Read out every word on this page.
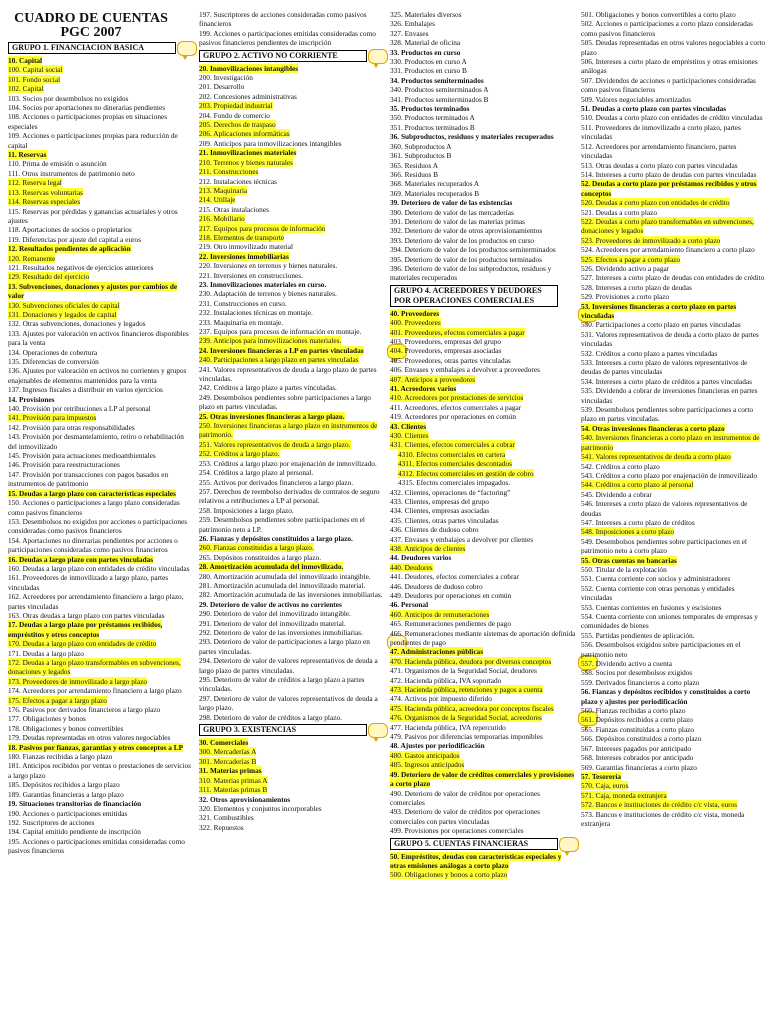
CUADRO DE CUENTAS
PGC 2007
GRUPO 1. FINANCIACION BASICA
10. Capital
100. Capital social
101. Fondo social
102. Capital
103. Socios por desembolsos no exigidos
104. Socios por aportaciones no dinerarias pendientes
108. Acciones o participaciones propias en situaciones especiales
109. Acciones o participaciones propias para reducción de capital
11. Reservas
110. Prima de emisión o asunción
111. Otros instrumentos de patrimonio neto
112. Reserva legal
113. Reservas voluntarias
114. Reservas especiales
115. Reservas por pérdidas y ganancias actuariales y otros ajustes
118. Aportaciones de socios o propietarios
119. Diferencias por ajuste del capital a euros
12. Resultados pendientes de aplicación
120. Remanente
121. Resultados negativos de ejercicios anteriores
129. Resultado del ejercicio
13. Subvenciones, donaciones y ajustes por cambios de valor
130. Subvenciones oficiales de capital
131. Donaciones y legados de capital
132. Otras subvenciones, donaciones y legados
133. Ajustes por valoración en activos financieros disponibles para la venta
134. Operaciones de cobertura
135. Diferencias de conversión
136. Ajustes por valoración en activos no corrientes y grupos enajenables de elementos mantenidos para la venta
137. Ingresos fiscales a distribuir en varios ejercicios
14. Provisiones
140. Provisión por retribuciones a LP al personal
141. Provisión para impuestos
142. Provisión para otras responsabilidades
143. Provisión por desmantelamiento, retiro o rehabilitación del inmovilizado
145. Provisión para actuaciones medioambientales
146. Provisión para reestructuraciones
147. Provisión por transacciones con pagos basados en instrumentos de patrimonio
15. Deudas a largo plazo con características especiales
150. Acciones o participaciones a largo plazo consideradas como pasivos financieros
153. Desembolsos no exigidos por acciones o participaciones consideradas como pasivos financieros
154. Aportaciones no dinerarias pendientes por acciones o participaciones consideradas como pasivos financieros
16. Deudas a largo plazo con partes vinculadas
160. Deudas a largo plazo con entidades de crédito vinculadas
161. Proveedores de inmovilizado a largo plazo, partes vinculadas
162. Acreedores por arrendamiento financiero a largo plazo, partes vinculadas
163. Otras deudas a largo plazo con partes vinculadas
17. Deudas a largo plazo por préstamos recibidos, empréstitos y otros conceptos
170. Deudas a largo plazo con entidades de crédito
171. Deudas a largo plazo
172. Deudas a largo plazo transformables en subvenciones, donaciones y legados
173. Proveedores de inmovilizado a largo plazo
174. Acreedores por arrendamiento financiero a largo plazo
175. Efectos a pagar a largo plazo
176. Pasivos por derivados financieros a largo plazo
177. Obligaciones y bonos
178. Obligaciones y bonos convertibles
179. Deudas representadas en otros valores negociables
18. Pasivos por fianzas, garantías y otros conceptos a LP
180. Fianzas recibidas a largo plazo
181. Anticipos recibidos por ventas o prestaciones de servicios a largo plazo
185. Depósitos recibidos a largo plazo
189. Garantías financieras a largo plazo
19. Situaciones transitorias de financiación
190. Acciones o participaciones emitidas
192. Suscriptores de acciones
194. Capital emitido pendiente de inscripción
195. Acciones o participaciones emitidas consideradas como pasivos financieros
197. Suscriptores de acciones consideradas como pasivos financieros
199. Acciones o participaciones emitidas consideradas como pasivos financieros pendientes de inscripción
GRUPO 2. ACTIVO NO CORRIENTE
20. Inmovilizaciones intangibles
200. Investigación
201. Desarrollo
202. Concesiones administrativas
203. Propiedad industrial
204. Fondo de comercio
205. Derechos de traspaso
206. Aplicaciones informáticas
209. Anticipos para inmovilizaciones intangibles
21. Inmovilizaciones materiales
210. Terrenos y bienes naturales
211. Construcciones
212. Instalaciones técnicas
213. Maquinaria
214. Utillaje
215. Otras instalaciones
216. Mobiliario
217. Equipos para procesos de información
218. Elementos de transporte
219. Otro inmovilizado material
22. Inversiones inmobiliarias
220. Inversiones en terrenos y bienes naturales.
221. Inversiones en construcciones.
23. Inmovilizaciones materiales en curso.
230. Adaptación de terrenos y bienes naturales.
231. Construcciones en curso.
232. Instalaciones técnicas en montaje.
233. Maquinaria en montaje.
237. Equipos para procesos de información en montaje.
239. Anticipos para inmovilizaciones materiales.
24. Inversiones financieras a LP en partes vinculadas
240. Participaciones a largo plazo en partes vinculadas
241. Valores representativos de deuda a largo plazo de partes vinculadas.
242. Créditos a largo plazo a partes vinculadas.
249. Desembolsos pendientes sobre participaciones a largo plazo en partes vinculadas.
25. Otras inversiones financieras a largo plazo.
250. Inversiones financieras a largo plazo en instrumentos de patrimonio.
251. Valores representativos de deuda a largo plazo.
252. Créditos a largo plazo.
253. Créditos a largo plazo por enajenación de inmovilizado.
254. Créditos a largo plazo al personal.
255. Activos por derivados financieros a largo plazo.
257. Derechos de reembolso derivados de contratos de seguro relativos a retribuciones a LP al personal.
258. Imposiciones a largo plazo.
259. Desembolsos pendientes sobre participaciones en el patrimonio neto a LP.
26. Fianzas y depósitos constituidos a largo plazo.
260. Fianzas constituidas a largo plazo.
265. Depósitos constituidos a largo plazo.
28. Amortización acumulada del inmovilizado.
280. Amortización acumulada del inmovilizado intangible.
281. Amortización acumulada del inmovilizado material.
282. Amortización acumulada de las inversiones inmobiliarias.
29. Deterioro de valor de activos no corrientes
290. Deterioro de valor del inmovilizado intangible.
291. Deterioro de valor del inmovilizado material.
292. Deterioro de valor de las inversiones inmobiliarias.
293. Deterioro de valor de participaciones a largo plazo en partes vinculadas.
294. Deterioro de valor de valores representativos de deuda a largo plazo de partes vinculadas.
295. Deterioro de valor de créditos a largo plazo a partes vinculadas.
297. Deterioro de valor de valores representativos de deuda a largo plazo.
298. Deterioro de valor de créditos a largo plazo.
GRUPO 3. EXISTENCIAS
30. Comerciales
300. Mercaderías A
301. Mercaderías B
31. Materias primas
310. Materias primas A
311. Materias primas B
32. Otros aprovisionamientos
320. Elementos y conjuntos incorporables
321. Combustibles
322. Repuestos
325. Materiales diversos
326. Embalajes
327. Envases
328. Material de oficina
33. Productos en curso
330. Productos en curso A
331. Productos en curso B
34. Productos semiterminados
340. Productos semiterminados A
341. Productos semiterminados B
35. Productos terminados
350. Productos terminados A
351. Productos terminados B
36. Subproductos, residuos y materiales recuperados
360. Subproductos A
361. Subproductos B
365. Residuos A
366. Residuos B
368. Materiales recuperados A
369. Materiales recuperados B
39. Deterioro de valor de las existencias
390. Deterioro de valor de las mercaderías
391. Deterioro de valor de las materias primas
392. Deterioro de valor de otros aprovisionamientos
393. Deterioro de valor de los productos en curso
394. Deterioro de valor de los productos semiterminados
395. Deterioro de valor de los productos terminados
396. Deterioro de valor de los subproductos, residuos y materiales recuperados
GRUPO 4. ACREEDORES Y DEUDORES POR OPERACIONES COMERCIALES
40. Proveedores
400. Proveedores
401. Proveedores, efectos comerciales a pagar
403. Proveedores, empresas del grupo
404. Proveedores, empresas asociadas
405. Proveedores, otras partes vinculadas
406. Envases y embalajes a devolver a proveedores
407. Anticipos a proveedores
41. Acreedores varios
410. Acreedores por prestaciones de servicios
411. Acreedores, efectos comerciales a pagar
419. Acreedores por operaciones en común
43. Clientes
430. Clientes
431. Clientes, efectos comerciales a cobrar
4310. Efectos comerciales en cartera
4311. Efectos comerciales descontados
4312. Efectos comerciales en gestión de cobro
4315. Efectos comerciales impagados.
432. Clientes, operaciones de “factoring”
433. Clientes, empresas del grupo
434. Clientes, empresas asociadas
435. Clientes, otras partes vinculadas
436. Clientes de dudoso cobro
437. Envases y embalajes a devolver por clientes
438. Anticipos de clientes
44. Deudores varios
440. Deudores
441. Deudores, efectos comerciales a cobrar
446. Deudores de dudoso cobro
449. Deudores por operaciones en común
46. Personal
460. Anticipos de remuneraciones
465. Remuneraciones pendientes de pago
466. Remuneraciones mediante sistemas de aportación definida pendientes de pago
47. Administraciones públicas
470. Hacienda pública, deudora por diversos conceptos
471. Organismos de la Seguridad Social, deudores
472. Hacienda pública, IVA soportado
473. Hacienda pública, retenciones y pagos a cuenta
474. Activos por impuesto diferido
475. Hacienda pública, acreedora por conceptos fiscales
476. Organismos de la Seguridad Social, acreedores
477. Hacienda pública, IVA repercutido
479. Pasivos por diferencias temporarias imponibles
48. Ajustes por periodificación
480. Gastos anticipados
485. Ingresos anticipados
49. Deterioro de valor de créditos comerciales y provisiones a corto plazo
490. Deterioro de valor de créditos por operaciones comerciales
493. Deterioro de valor de créditos por operaciones comerciales con partes vinculadas
499. Provisiones por operaciones comerciales
GRUPO 5. CUENTAS FINANCIERAS
50. Empréstitos, deudas con características especiales y otras emisiones análogas a corto plazo
500. Obligaciones y bonos a corto plazo
501. Obligaciones y bonos convertibles a corto plazo
502. Acciones o participaciones a corto plazo consideradas como pasivos financieros
505. Deudas representadas en otros valores negociables a corto plazo
506. Intereses a corto plazo de empréstitos y otras emisiones análogas
507. Dividendos de acciones o participaciones consideradas como pasivos financieros
509. Valores negociables amortizados
51. Deudas a corto plazo con partes vinculadas
510. Deudas a corto plazo con entidades de crédito vinculadas
511. Proveedores de inmovilizado a corto plazo, partes vinculadas
512. Acreedores por arrendamiento financiero, partes vinculadas
513. Otras deudas a corto plazo con partes vinculadas
514. Intereses a corto plazo de deudas con partes vinculadas
52. Deudas a corto plazo por préstamos recibidos y otros conceptos
520. Deudas a corto plazo con entidades de crédito
521. Deudas a corto plazo
522. Deudas a corto plazo transformables en subvenciones, donaciones y legados
523. Proveedores de inmovilizado a corto plazo
524. Acreedores por arrendamiento financiero a corto plazo
525. Efectos a pagar a corto plazo
526. Dividendo activo a pagar
527. Intereses a corto plazo de deudas con entidades de crédito
528. Intereses a corto plazo de deudas
529. Provisiones a corto plazo
53. Inversiones financieras a corto plazo en partes vinculadas
530. Participaciones a corto plazo en partes vinculadas
531. Valores representativos de deuda a corto plazo de partes vinculadas
532. Créditos a corto plazo a partes vinculadas
533. Intereses a corto plazo de valores representativos de deudas de partes vinculadas
534. Intereses a corto plazo de créditos a partes vinculadas
535. Dividendo a cobrar de inversiones financieras en partes vinculadas
539. Desembolsos pendientes sobre participaciones a corto plazo en partes vinculadas.
54. Otras inversiones financieras a corto plazo
540. Inversiones financieras a corto plazo en instrumentos de patrimonio
541. Valores representativos de deuda a corto plazo
542. Créditos a corto plazo
543. Créditos a corto plazo por enajenación de inmovilizado
544. Créditos a corto plazo al personal
545. Dividendo a cobrar
546. Intereses a corto plazo de valores representativos de deudas
547. Intereses a corto plazo de créditos
548. Imposiciones a corto plazo
549. Desembolsos pendientes sobre participaciones en el patrimonio neto a corto plazo
55. Otras cuentas no bancarias
550. Titular de la explotación
551. Cuenta corriente con socios y administradores
552. Cuenta corriente con otras personas y entidades vinculadas
553. Cuentas corrientes en fusiones y escisiones
554. Cuenta corriente con uniones temporales de empresas y comunidades de bienes
555. Partidas pendientes de aplicación.
556. Desembolsos exigidos sobre participaciones en el patrimonio neto
557. Dividendo activo a cuenta
558. Socios por desembolsos exigidos
559. Derivados financieros a corto plazo
56. Fianzas y depósitos recibidos y constituidos a corto plazo y ajustes por periodificación
560. Fianzas recibidas a corto plazo
561. Depósitos recibidos a corto plazo
565. Fianzas constituidas a corto plazo
566. Depósitos constituidos a corto plazo
567. Intereses pagados por anticipado
568. Intereses cobrados por anticipado
569. Garantías financieras a corto plazo
57. Tesorería
570. Caja, euros
571. Caja, moneda extranjera
572. Bancos e instituciones de crédito c/c vista, euros
573. Bancos e instituciones de crédito c/c vista, moneda extranjera
